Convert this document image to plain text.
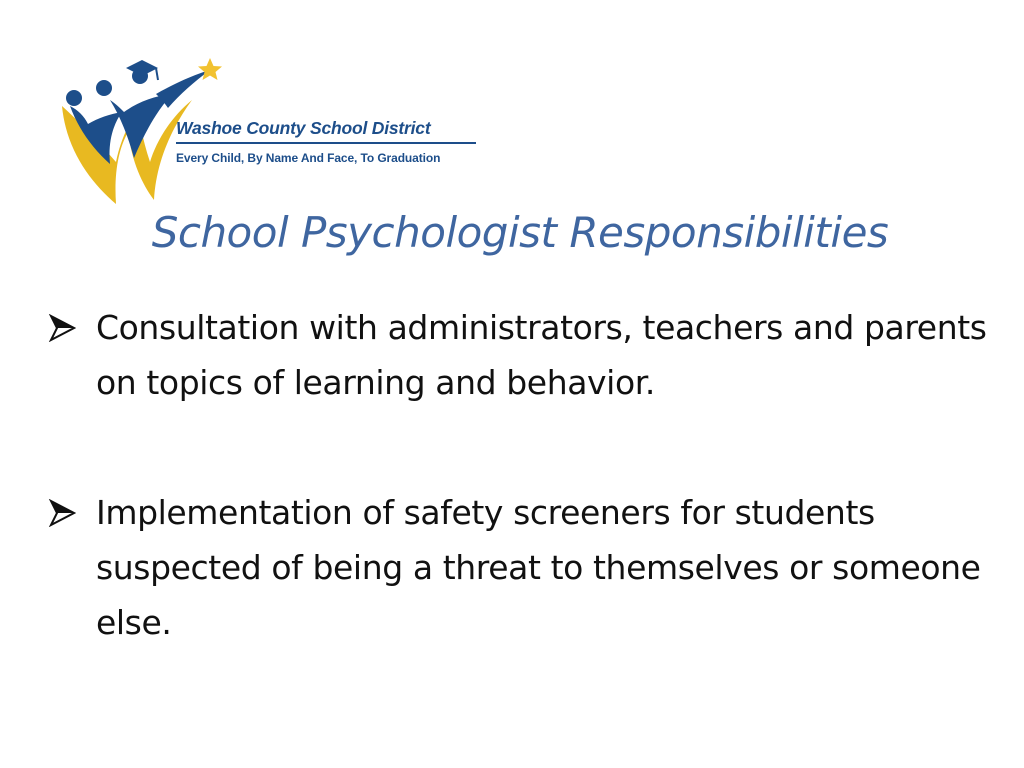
Washoe County School District
Every Child, By Name And Face, To Graduation
School Psychologist Responsibilities
Consultation with administrators, teachers and parents on topics of learning and behavior.
Implementation of safety screeners for students suspected of being a threat to themselves or someone else.
